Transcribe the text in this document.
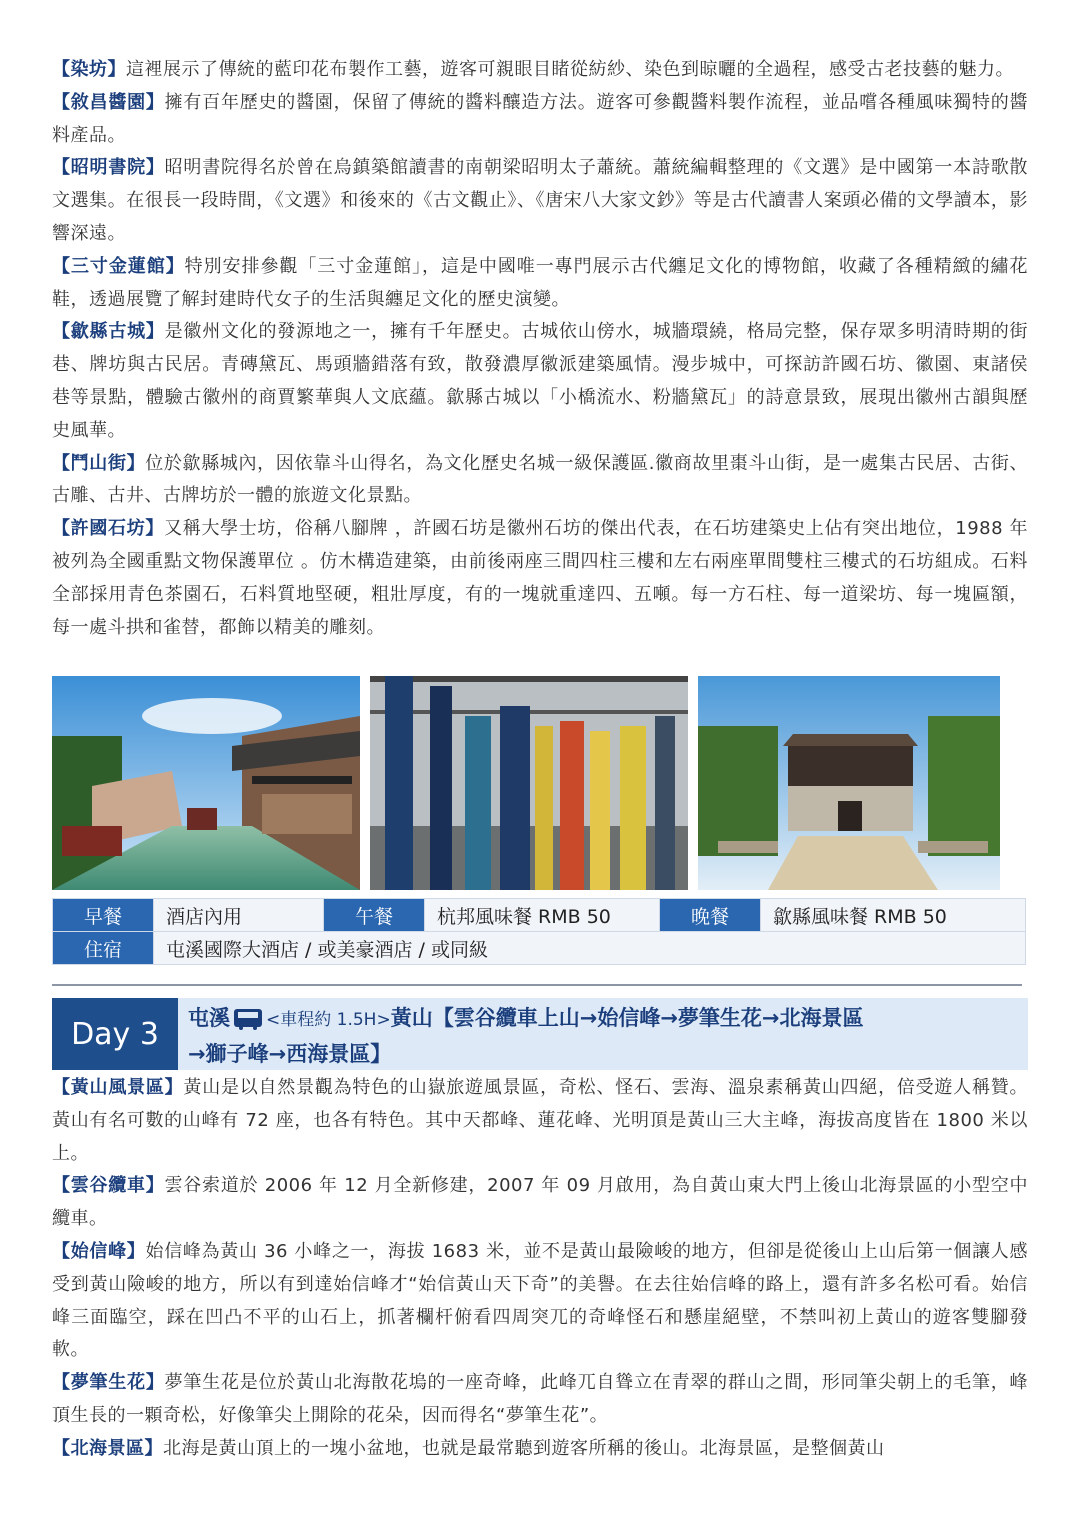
【染坊】這裡展示了傳統的藍印花布製作工藝，遊客可親眼目睹從紡紗、染色到晾曬的全過程，感受古老技藝的魅力。

【敘昌醬園】擁有百年歷史的醬園，保留了傳統的醬料釀造方法。遊客可參觀醬料製作流程，並品嚐各種風味獨特的醬料產品。

【昭明書院】昭明書院得名於曾在烏鎮築館讀書的南朝梁昭明太子蕭統。蕭統編輯整理的《文選》是中國第一本詩歌散文選集。在很長一段時間，《文選》和後來的《古文觀止》、《唐宋八大家文鈔》等是古代讀書人案頭必備的文學讀本，影響深遠。

【三寸金蓮館】特別安排參觀「三寸金蓮館」，這是中國唯一專門展示古代纏足文化的博物館，收藏了各種精緻的繡花鞋，透過展覽了解封建時代女子的生活與纏足文化的歷史演變。

【歙縣古城】是徽州文化的發源地之一，擁有千年歷史。古城依山傍水，城牆環繞，格局完整，保存眾多明清時期的街巷、牌坊與古民居。青磚黛瓦、馬頭牆錯落有致，散發濃厚徽派建築風情。漫步城中，可探訪許國石坊、徽園、東諸侯巷等景點，體驗古徽州的商賈繁華與人文底蘊。歙縣古城以「小橋流水、粉牆黛瓦」的詩意景致，展現出徽州古韻與歷史風華。

【鬥山街】位於歙縣城內，因依靠斗山得名，為文化歷史名城一級保護區.徽商故里棗斗山街，是一處集古民居、古街、古雕、古井、古牌坊於一體的旅遊文化景點。

【許國石坊】又稱大學士坊，俗稱八腳牌 ，許國石坊是徽州石坊的傑出代表，在石坊建築史上佔有突出地位，1988 年被列為全國重點文物保護單位 。仿木構造建築，由前後兩座三間四柱三樓和左右兩座單間雙柱三樓式的石坊組成。石料全部採用青色茶園石，石料質地堅硬，粗壯厚度，有的一塊就重達四、五噸。每一方石柱、每一道梁坊、每一塊匾額，每一處斗拱和雀替，都飾以精美的雕刻。

早餐	酒店內用	午餐	杭邦風味餐 RMB 50	晚餐	歙縣風味餐 RMB 50
住宿	屯溪國際大酒店 / 或美豪酒店 / 或同級				
Day 3	屯溪 <車程約 1.5H>黃山【雲谷纜車上山→始信峰→夢筆生花→北海景區
→獅子峰→西海景區】

【黃山風景區】黃山是以自然景觀為特色的山嶽旅遊風景區，奇松、怪石、雲海、溫泉素稱黃山四絕，倍受遊人稱贊。黃山有名可數的山峰有 72 座，也各有特色。其中天都峰、蓮花峰、光明頂是黃山三大主峰，海拔高度皆在 1800 米以上。

【雲谷纜車】雲谷索道於 2006 年 12 月全新修建，2007 年 09 月啟用，為自黃山東大門上後山北海景區的小型空中纜車。

【始信峰】始信峰為黃山 36 小峰之一，海拔 1683 米，並不是黃山最險峻的地方，但卻是從後山上山后第一個讓人感受到黃山險峻的地方，所以有到達始信峰才“始信黃山天下奇”的美譽。在去往始信峰的路上，還有許多名松可看。始信峰三面臨空，踩在凹凸不平的山石上，抓著欄杆俯看四周突兀的奇峰怪石和懸崖絕壁，不禁叫初上黃山的遊客雙腳發軟。

【夢筆生花】夢筆生花是位於黃山北海散花塢的一座奇峰，此峰兀自聳立在青翠的群山之間，形同筆尖朝上的毛筆，峰頂生長的一顆奇松，好像筆尖上開除的花朵，因而得名“夢筆生花”。

【北海景區】北海是黃山頂上的一塊小盆地，也就是最常聽到遊客所稱的後山。北海景區，是整個黃山
